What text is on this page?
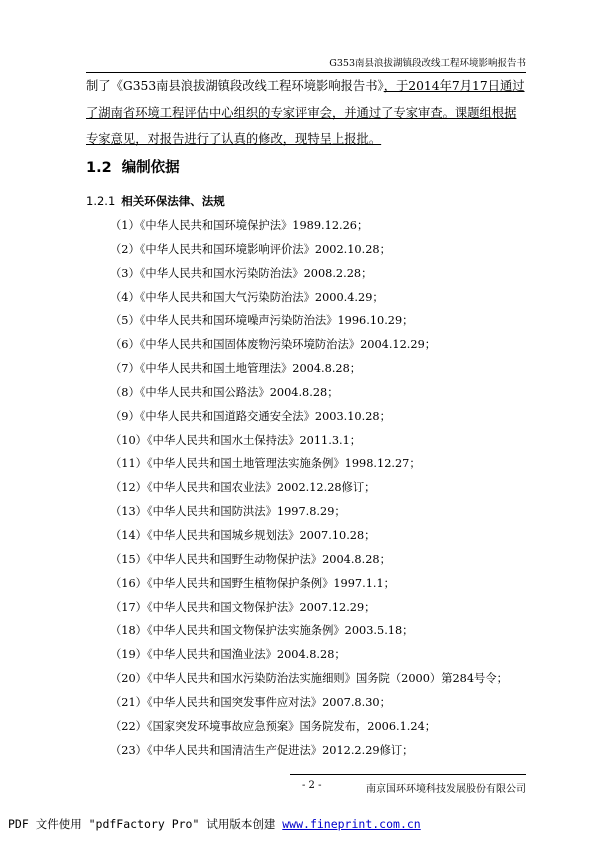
G353南县浪拔湖镇段改线工程环境影响报告书
制了《G353南县浪拔湖镇段改线工程环境影响报告书》，于2014年7月17日通过了湖南省环境工程评估中心组织的专家评审会，并通过了专家审查。课题组根据专家意见，对报告进行了认真的修改，现特呈上报批。
1.2 编制依据
1.2.1 相关环保法律、法规
（1）《中华人民共和国环境保护法》1989.12.26；
（2）《中华人民共和国环境影响评价法》2002.10.28；
（3）《中华人民共和国水污染防治法》2008.2.28；
（4）《中华人民共和国大气污染防治法》2000.4.29；
（5）《中华人民共和国环境噪声污染防治法》1996.10.29；
（6）《中华人民共和国固体废物污染环境防治法》2004.12.29；
（7）《中华人民共和国土地管理法》2004.8.28；
（8）《中华人民共和国公路法》2004.8.28；
（9）《中华人民共和国道路交通安全法》2003.10.28；
（10）《中华人民共和国水土保持法》2011.3.1；
（11）《中华人民共和国土地管理法实施条例》1998.12.27；
（12）《中华人民共和国农业法》2002.12.28修订；
（13）《中华人民共和国防洪法》1997.8.29；
（14）《中华人民共和国城乡规划法》2007.10.28；
（15）《中华人民共和国野生动物保护法》2004.8.28；
（16）《中华人民共和国野生植物保护条例》1997.1.1；
（17）《中华人民共和国文物保护法》2007.12.29；
（18）《中华人民共和国文物保护法实施条例》2003.5.18；
（19）《中华人民共和国渔业法》2004.8.28；
（20）《中华人民共和国水污染防治法实施细则》国务院（2000）第284号令；
（21）《中华人民共和国突发事件应对法》2007.8.30；
（22）《国家突发环境事故应急预案》国务院发布，2006.1.24；
（23）《中华人民共和国清洁生产促进法》2012.2.29修订；
- 2 -	南京国环环境科技发展股份有限公司
PDF 文件使用 "pdfFactory Pro" 试用版本创建 www.fineprint.com.cn
